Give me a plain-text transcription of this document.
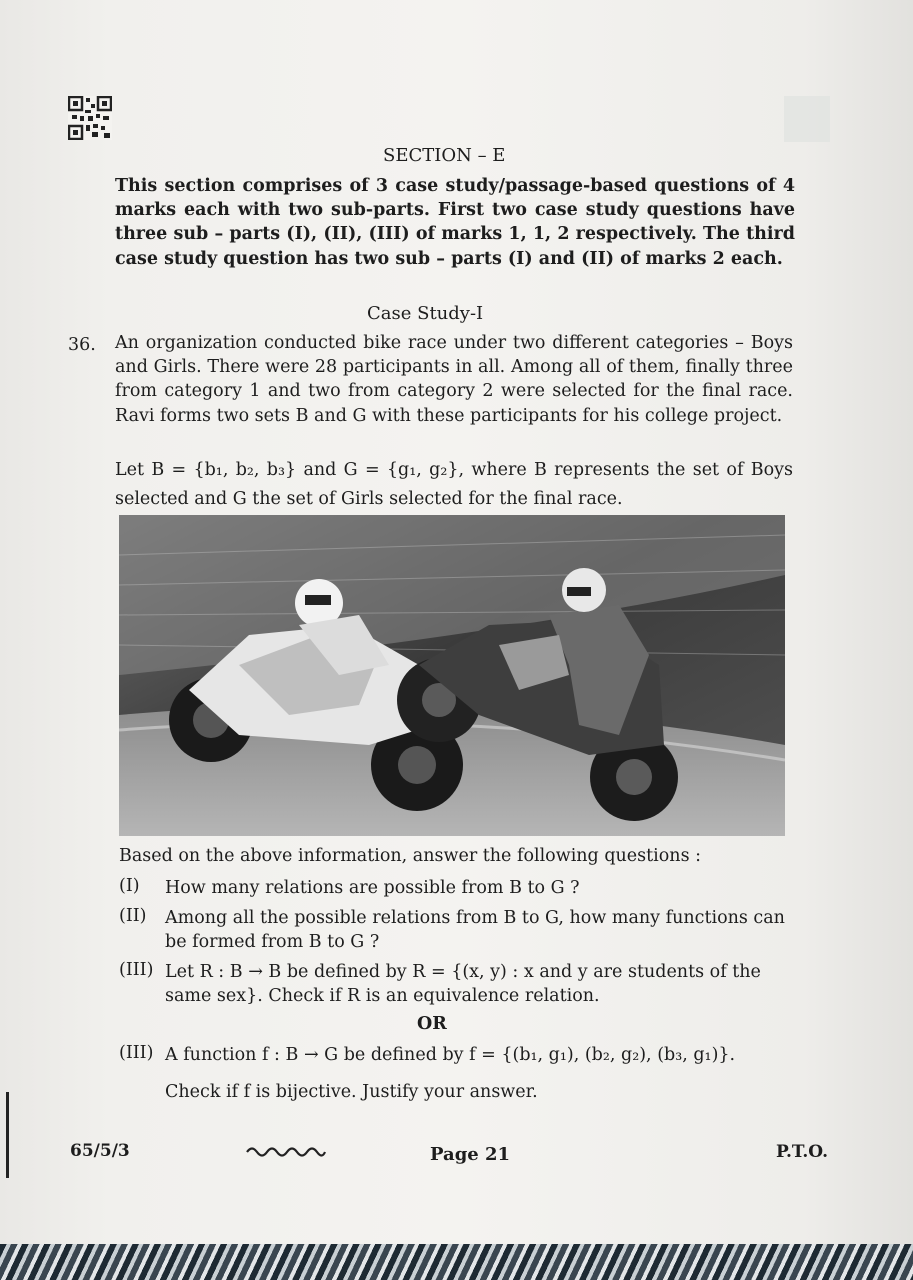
SECTION – E

This section comprises of 3 case study/passage-based questions of 4 marks each with two sub-parts. First two case study questions have three sub – parts (I), (II), (III) of marks 1, 1, 2 respectively. The third case study question has two sub – parts (I) and (II) of marks 2 each.

Case Study-I
36. An organization conducted bike race under two different categories – Boys and Girls. There were 28 participants in all. Among all of them, finally three from category 1 and two from category 2 were selected for the final race. Ravi forms two sets B and G with these participants for his college project.

Let B = {b₁, b₂, b₃} and G = {g₁, g₂}, where B represents the set of Boys selected and G the set of Girls selected for the final race.

Based on the above information, answer the following questions :
(I) How many relations are possible from B to G ?

(II) Among all the possible relations from B to G, how many functions can be formed from B to G ?

(III) Let R : B → B be defined by R = {(x, y) : x and y are students of the same sex}. Check if R is an equivalence relation.

OR
(III) A function f : B → G be defined by f = {(b₁, g₁), (b₂, g₂), (b₃, g₁)}.

Check if f is bijective. Justify your answer.

65/5/3	Page 21	P.T.O.
